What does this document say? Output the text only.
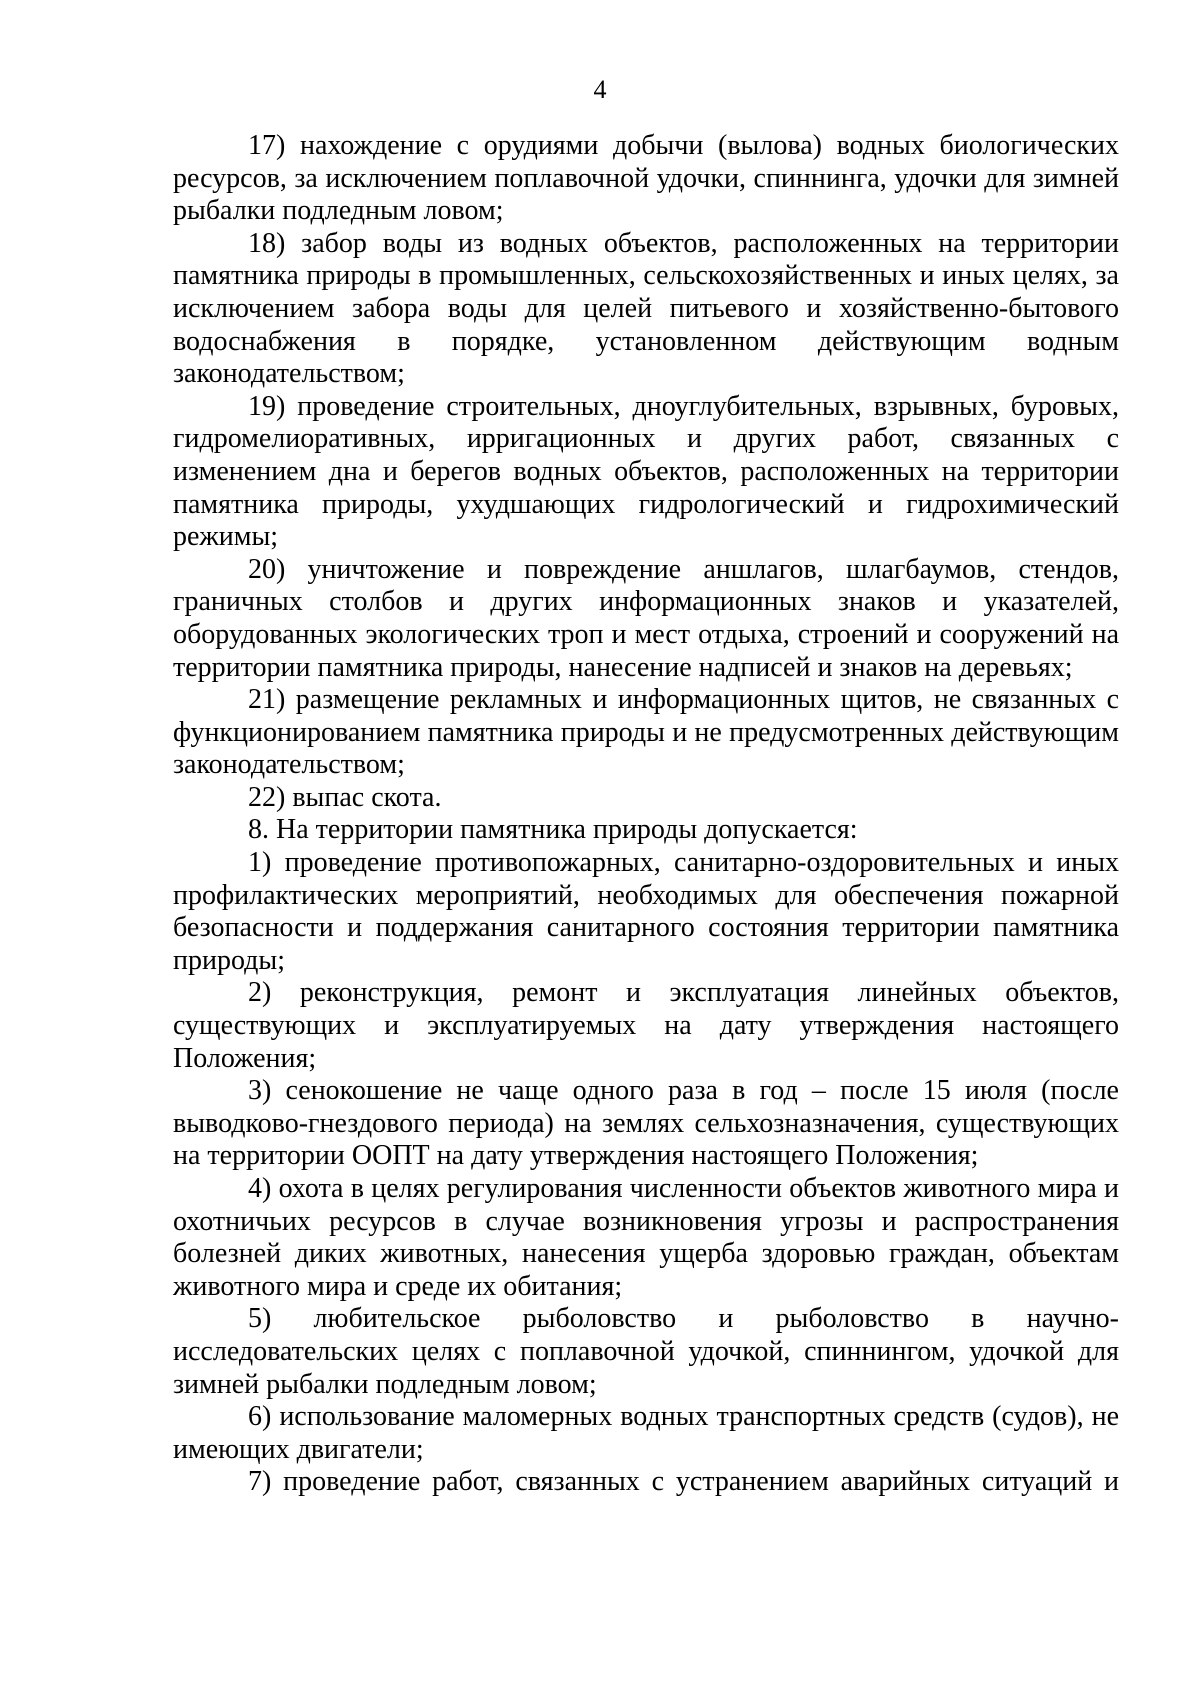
4

17) нахождение с орудиями добычи (вылова) водных биологических ресурсов, за исключением поплавочной удочки, спиннинга, удочки для зимней рыбалки подледным ловом;

18) забор воды из водных объектов, расположенных на территории памятника природы в промышленных, сельскохозяйственных и иных целях, за исключением забора воды для целей питьевого и хозяйственно-бытового водоснабжения в порядке, установленном действующим водным законодательством;

19) проведение строительных, дноуглубительных, взрывных, буровых, гидромелиоративных, ирригационных и других работ, связанных с изменением дна и берегов водных объектов, расположенных на территории памятника природы, ухудшающих гидрологический и гидрохимический режимы;

20) уничтожение и повреждение аншлагов, шлагбаумов, стендов, граничных столбов и других информационных знаков и указателей, оборудованных экологических троп и мест отдыха, строений и сооружений на территории памятника природы, нанесение надписей и знаков на деревьях;

21) размещение рекламных и информационных щитов, не связанных с функционированием памятника природы и не предусмотренных действующим законодательством;

22) выпас скота.

8. На территории памятника природы допускается:

1) проведение противопожарных, санитарно-оздоровительных и иных профилактических мероприятий, необходимых для обеспечения пожарной безопасности и поддержания санитарного состояния территории памятника природы;

2) реконструкция, ремонт и эксплуатация линейных объектов, существующих и эксплуатируемых на дату утверждения настоящего Положения;

3) сенокошение не чаще одного раза в год – после 15 июля (после выводково-гнездового периода) на землях сельхозназначения, существующих на территории ООПТ на дату утверждения настоящего Положения;

4) охота в целях регулирования численности объектов животного мира и охотничьих ресурсов в случае возникновения угрозы и распространения болезней диких животных, нанесения ущерба здоровью граждан, объектам животного мира и среде их обитания;

5) любительское рыболовство и рыболовство в научно-исследовательских целях с поплавочной удочкой, спиннингом, удочкой для зимней рыбалки подледным ловом;

6) использование маломерных водных транспортных средств (судов), не имеющих двигатели;

7) проведение работ, связанных с устранением аварийных ситуаций и
